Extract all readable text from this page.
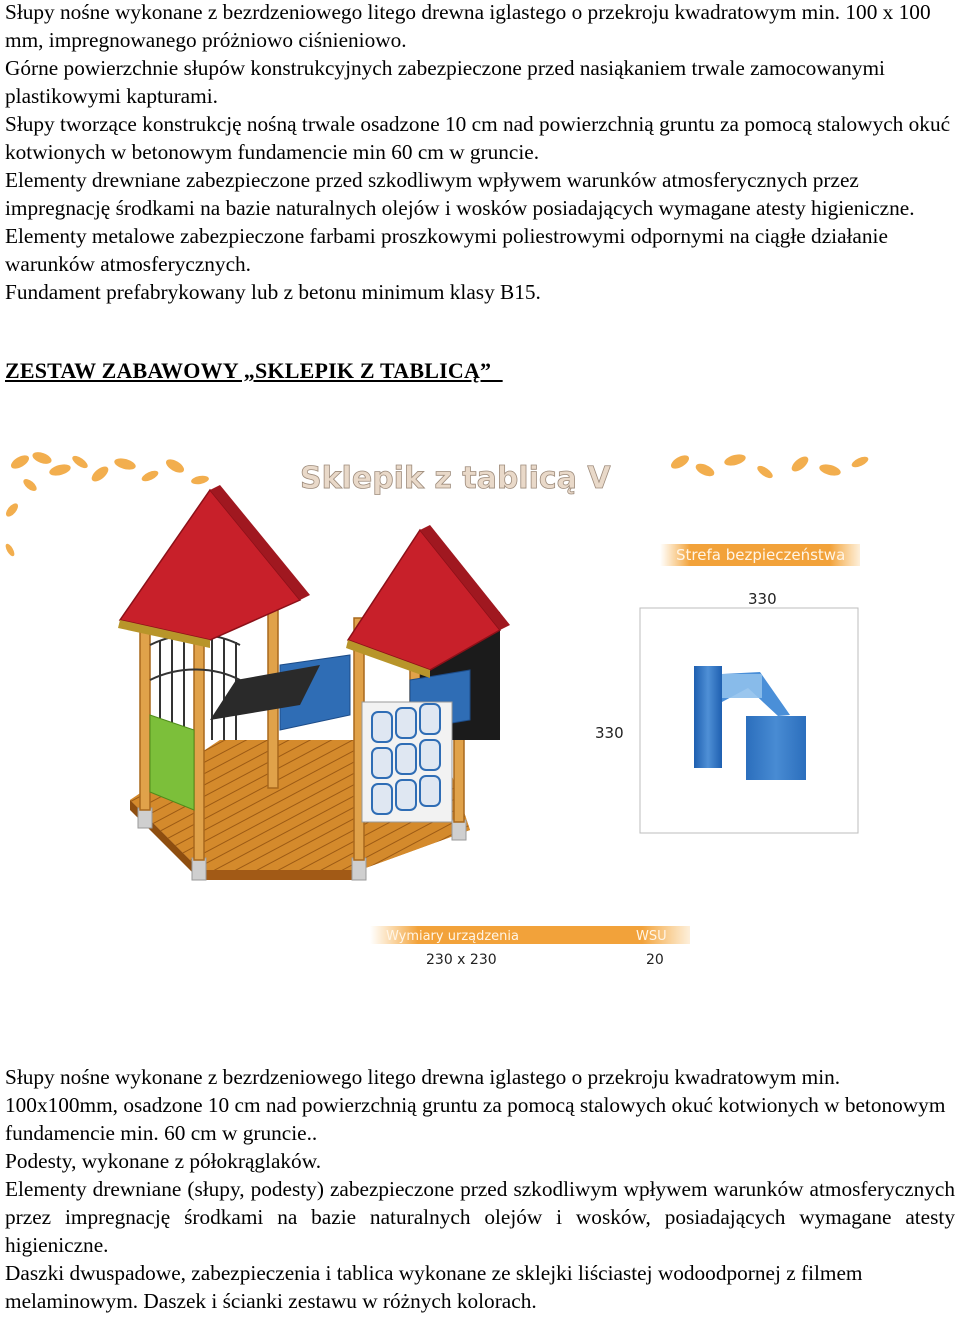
Słupy nośne wykonane z bezrdzeniowego litego drewna iglastego o przekroju kwadratowym min. 100 x 100 mm, impregnowanego próżniowo ciśnieniowo.

Górne powierzchnie słupów konstrukcyjnych zabezpieczone przed nasiąkaniem trwale zamocowanymi plastikowymi kapturami.

Słupy tworzące konstrukcję nośną trwale osadzone 10 cm nad powierzchnią gruntu za pomocą stalowych okuć kotwionych w betonowym fundamencie min 60 cm w gruncie.

Elementy drewniane zabezpieczone przed szkodliwym wpływem warunków atmosferycznych przez impregnację środkami na bazie naturalnych olejów i wosków posiadających wymagane atesty higieniczne.

Elementy metalowe zabezpieczone farbami proszkowymi poliestrowymi odpornymi na ciągłe działanie warunków atmosferycznych.

Fundament prefabrykowany lub z betonu minimum klasy B15.

ZESTAW ZABAWOWY „SKLEPIK Z TABLICĄ”
Sklepik z tablicą V
Strefa bezpieczeństwa
330
330
Wymiary urządzenia	WSU
230 x 230	20

Słupy nośne wykonane z bezrdzeniowego litego drewna iglastego o przekroju kwadratowym min. 100x100mm, osadzone 10 cm nad powierzchnią gruntu za pomocą stalowych okuć kotwionych w betonowym fundamencie min. 60 cm w gruncie..

Podesty, wykonane z półokrąglaków.

Elementy drewniane (słupy, podesty) zabezpieczone przed szkodliwym wpływem warunków atmosferycznych przez impregnację środkami na bazie naturalnych olejów i wosków, posiadających wymagane atesty higieniczne.

Daszki dwuspadowe, zabezpieczenia i tablica wykonane ze sklejki liściastej wodoodpornej z filmem melaminowym. Daszek i ścianki zestawu w różnych kolorach.
